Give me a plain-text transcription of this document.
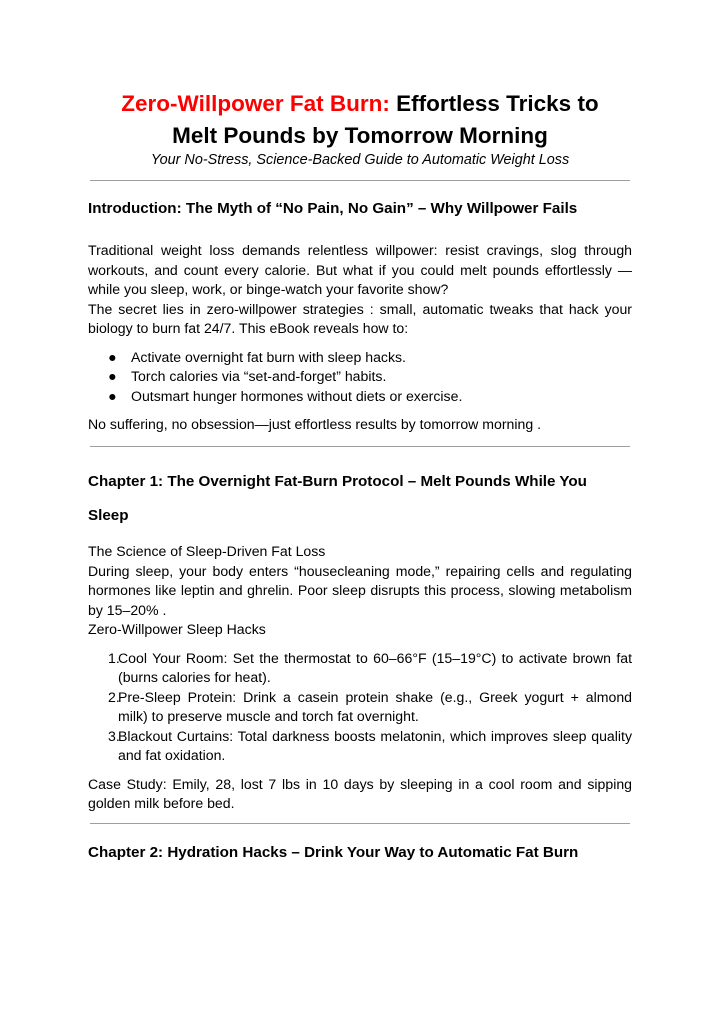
Zero-Willpower Fat Burn: Effortless Tricks to
Melt Pounds by Tomorrow Morning

Your No-Stress, Science-Backed Guide to Automatic Weight Loss

Introduction: The Myth of “No Pain, No Gain” – Why Willpower Fails

Traditional weight loss demands relentless willpower: resist cravings, slog through workouts, and count every calorie. But what if you could melt pounds effortlessly —while you sleep, work, or binge-watch your favorite show?

The secret lies in zero-willpower strategies : small, automatic tweaks that hack your biology to burn fat 24/7. This eBook reveals how to:

● Activate overnight fat burn with sleep hacks.
● Torch calories via “set-and-forget” habits.
● Outsmart hunger hormones without diets or exercise.

No suffering, no obsession—just effortless results by tomorrow morning .

Chapter 1: The Overnight Fat-Burn Protocol – Melt Pounds While You
Sleep

The Science of Sleep-Driven Fat Loss

During sleep, your body enters “housecleaning mode,” repairing cells and regulating hormones like leptin and ghrelin. Poor sleep disrupts this process, slowing metabolism by 15–20% .

Zero-Willpower Sleep Hacks

1.
Cool Your Room: Set the thermostat to 60–66°F (15–19°C) to activate brown fat (burns calories for heat).
2.
Pre-Sleep Protein: Drink a casein protein shake (e.g., Greek yogurt + almond milk) to preserve muscle and torch fat overnight.
3.
Blackout Curtains: Total darkness boosts melatonin, which improves sleep quality and fat oxidation.

Case Study: Emily, 28, lost 7 lbs in 10 days by sleeping in a cool room and sipping golden milk before bed.

Chapter 2: Hydration Hacks – Drink Your Way to Automatic Fat Burn
